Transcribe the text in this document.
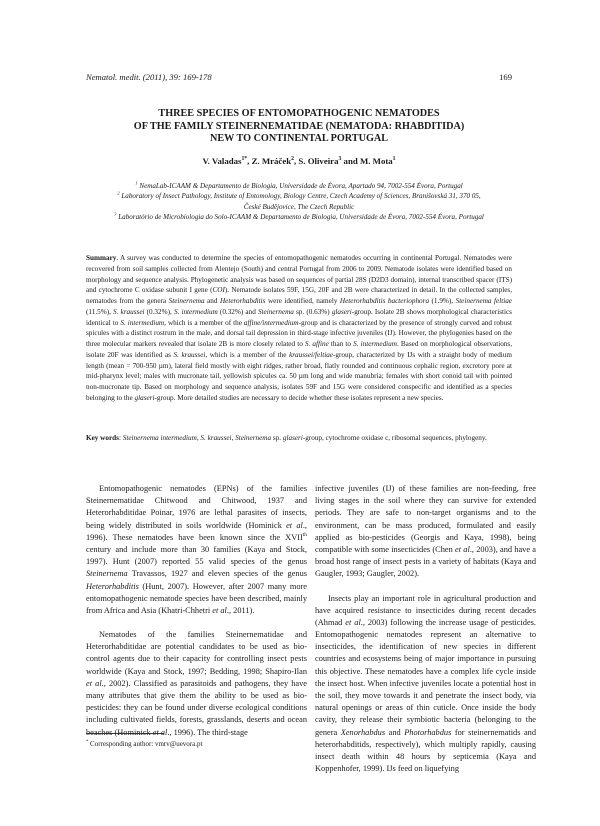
Nematol. medit. (2011), 39: 169-178	169
THREE SPECIES OF ENTOMOPATHOGENIC NEMATODES
OF THE FAMILY STEINERNEMATIDAE (NEMATODA: RHABDITIDA)
NEW TO CONTINENTAL PORTUGAL
V. Valadas$^{1*}$, Z. Mráček$^2$, S. Oliveira$^3$ and M. Mota$^1$
$^1$ NemaLab-ICAAM & Departamento de Biologia, Universidade de Évora, Apartado 94, 7002-554 Évora, Portugal
$^2$ Laboratory of Insect Pathology, Institute of Entomology, Biology Centre, Czech Academy of Sciences, Branišovská 31, 370 05,
České Budějovice, The Czech Republic
$^3$ Laboratório de Microbiologia do Solo-ICAAM & Departamento de Biologia, Universidade de Évora, 7002-554 Évora, Portugal
Summary. A survey was conducted to determine the species of entomopathogenic nematodes occurring in continental Portugal. Nematodes were recovered from soil samples collected from Alentejo (South) and central Portugal from 2006 to 2009. Nematode isolates were identified based on morphology and sequence analysis. Phylogenetic analysis was based on sequences of partial 28S (D2D3 domain), internal transcribed spacer (ITS) and cytochrome C oxidase subunit I gene (COI). Nematode isolates 59F, 15G, 20F and 2B were characterized in detail. In the collected samples, nematodes from the genera Steinernema and Heterorhabditis were identified, namely Heterorhabditis bacteriophora (1.9%), Steinernema feltiae (11.5%), S. kraussei (0.32%), S. intermedium (0.32%) and Steinernema sp. (0.63%) glaseri-group. Isolate 2B shows morphological characteristics identical to S. intermedium, which is a member of the affine/intermedium-group and is characterized by the presence of strongly curved and robust spicules with a distinct rostrum in the male, and dorsal tail depression in third-stage infective juveniles (IJ). However, the phylogenies based on the three molecular markers revealed that isolate 2B is more closely related to S. affine than to S. intermedium. Based on morphological observations, isolate 20F was identified as S. kraussei, which is a member of the kraussei/feltiae-group, characterized by IJs with a straight body of medium length (mean = 700-950 µm), lateral field mostly with eight ridges, rather broad, flatly rounded and continuous cephalic region, excretory pore at mid-pharynx level; males with mucronate tail, yellowish spicules ca. 50 µm long and wide manubria; females with short conoid tail with pointed non-mucronate tip. Based on morphology and sequence analysis, isolates 59F and 15G were considered conspecific and identified as a species belonging to the glaseri-group. More detailed studies are necessary to decide whether these isolates represent a new species.
Key words: Steinernema intermedium, S. kraussei, Steinernema sp. glaseri-group, cytochrome oxidase c, ribosomal sequences, phylogeny.

Entomopathogenic nematodes (EPNs) of the families Steinernematidae Chitwood and Chitwood, 1937 and Heterorhabditidae Poinar, 1976 are lethal parasites of insects, being widely distributed in soils worldwide (Hominick et al., 1996). These nematodes have been known since the XVIIth century and include more than 30 families (Kaya and Stock, 1997). Hunt (2007) reported 55 valid species of the genus Steinernema Travassos, 1927 and eleven species of the genus Heterorhabditis (Hunt, 2007). However, after 2007 many more entomopathogenic nematode species have been described, mainly from Africa and Asia (Khatri-Chhetri et al., 2011).

Nematodes of the families Steinernematidae and Heterorhabditidae are potential candidates to be used as bio-control agents due to their capacity for controlling insect pests worldwide (Kaya and Stock, 1997; Bedding, 1998; Shapiro-Ilan et al., 2002). Classified as parasitoids and pathogens, they have many attributes that give them the ability to be used as bio-pesticides: they can be found under diverse ecological conditions including cultivated fields, forests, grasslands, deserts and ocean beaches (Hominick et al., 1996). The third-stage

infective juveniles (IJ) of these families are non-feeding, free living stages in the soil where they can survive for extended periods. They are safe to non-target organisms and to the environment, can be mass produced, formulated and easily applied as bio-pesticides (Georgis and Kaya, 1998), being compatible with some insecticides (Chen et al., 2003), and have a broad host range of insect pests in a variety of habitats (Kaya and Gaugler, 1993; Gaugler, 2002).

Insects play an important role in agricultural production and have acquired resistance to insecticides during recent decades (Ahmad et al., 2003) following the increase usage of pesticides. Entomopathogenic nematodes represent an alternative to insecticides, the identification of new species in different countries and ecosystems being of major importance in pursuing this objective. These nematodes have a complex life cycle inside the insect host. When infective juveniles locate a potential host in the soil, they move towards it and penetrate the insect body, via natural openings or areas of thin cuticle. Once inside the body cavity, they release their symbiotic bacteria (belonging to the genera Xenorhabdus and Photorhabdus for steinernematids and heterorhabditids, respectively), which multiply rapidly, causing insect death within 48 hours by septicemia (Kaya and Koppenhofer, 1999). IJs feed on liquefying

* Corresponding author: vmrv@uevora.pt
